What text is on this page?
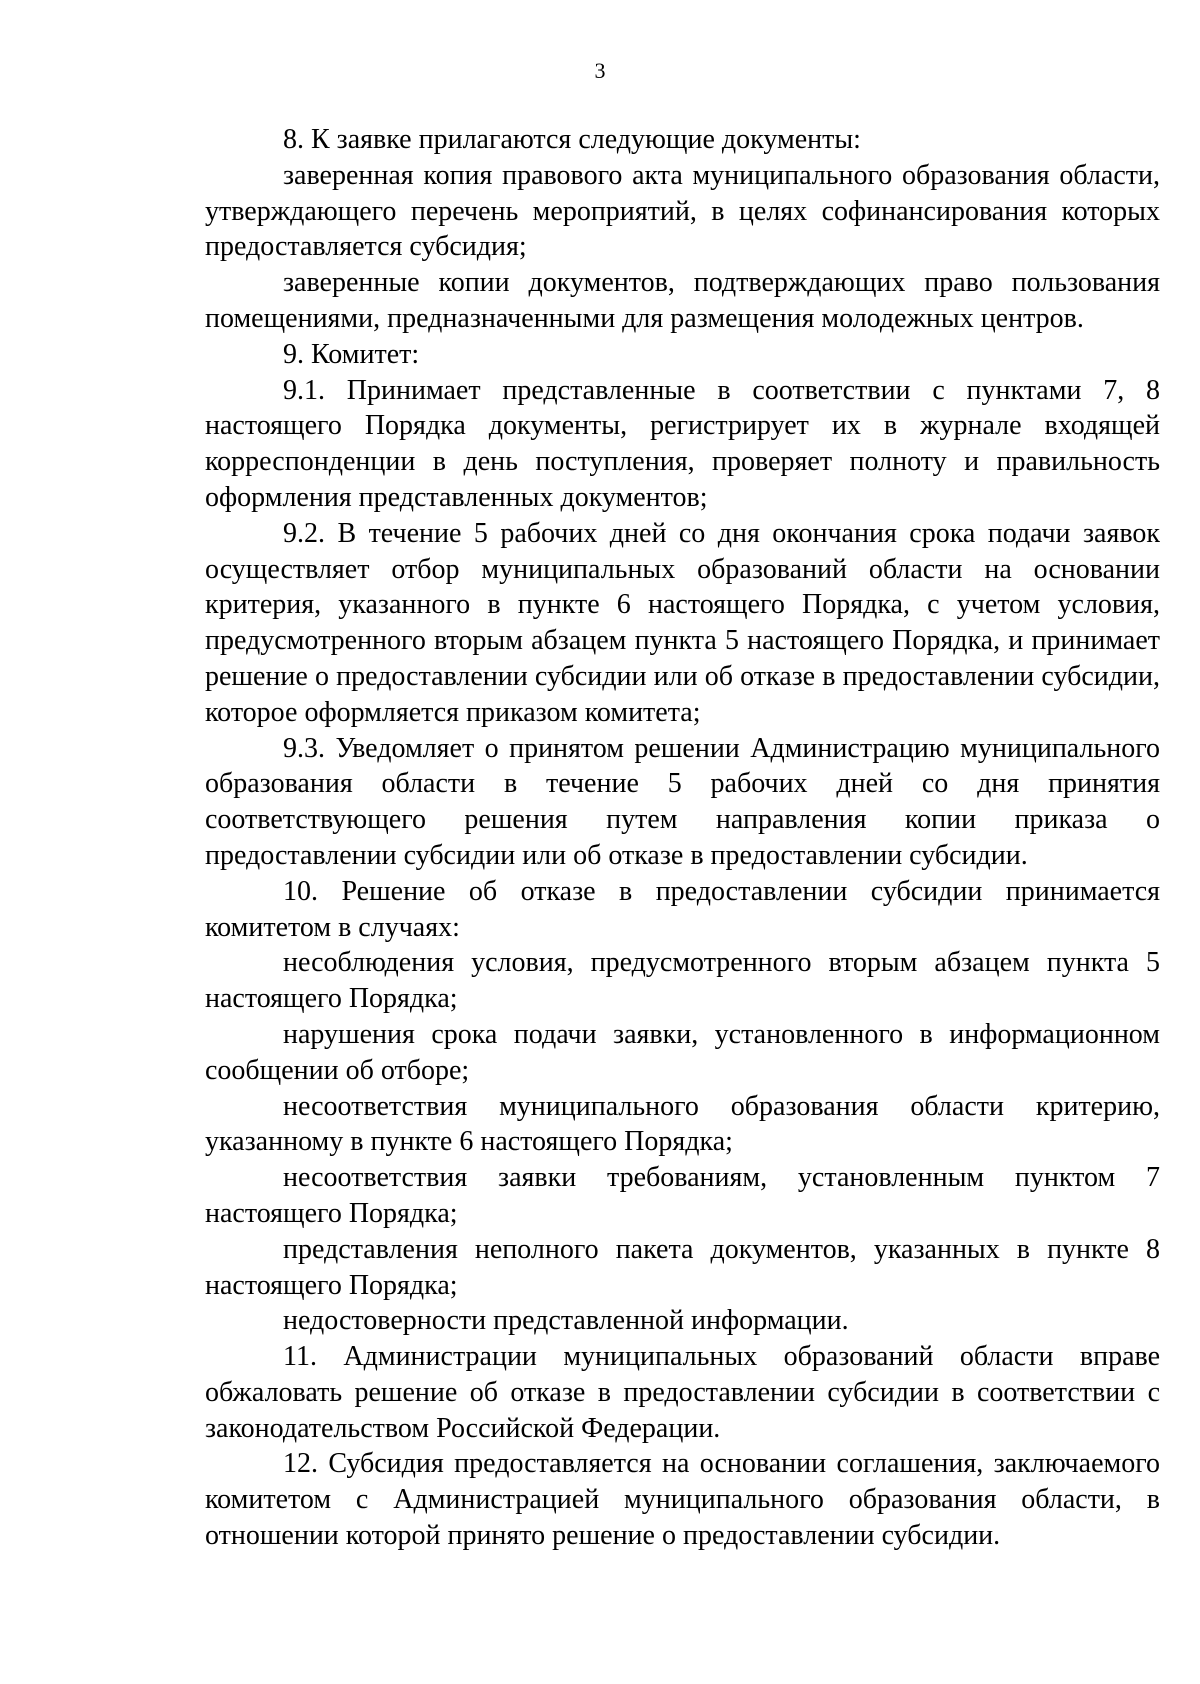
3

8. К заявке прилагаются следующие документы:

заверенная копия правового акта муниципального образования области, утверждающего перечень мероприятий, в целях софинансирования которых предоставляется субсидия;

заверенные копии документов, подтверждающих право пользования помещениями, предназначенными для размещения молодежных центров.

9. Комитет:

9.1. Принимает представленные в соответствии с пунктами 7, 8 настоящего Порядка документы, регистрирует их в журнале входящей корреспонденции в день поступления, проверяет полноту и правильность оформления представленных документов;

9.2. В течение 5 рабочих дней со дня окончания срока подачи заявок осуществляет отбор муниципальных образований области на основании критерия, указанного в пункте 6 настоящего Порядка, с учетом условия, предусмотренного вторым абзацем пункта 5 настоящего Порядка, и принимает решение о предоставлении субсидии или об отказе в предоставлении субсидии, которое оформляется приказом комитета;

9.3. Уведомляет о принятом решении Администрацию муниципального образования области в течение 5 рабочих дней со дня принятия соответствующего решения путем направления копии приказа о предоставлении субсидии или об отказе в предоставлении субсидии.

10. Решение об отказе в предоставлении субсидии принимается комитетом в случаях:

несоблюдения условия, предусмотренного вторым абзацем пункта 5 настоящего Порядка;

нарушения срока подачи заявки, установленного в информационном сообщении об отборе;

несоответствия муниципального образования области критерию, указанному в пункте 6 настоящего Порядка;

несоответствия заявки требованиям, установленным пунктом 7 настоящего Порядка;

представления неполного пакета документов, указанных в пункте 8 настоящего Порядка;

недостоверности представленной информации.

11. Администрации муниципальных образований области вправе обжаловать решение об отказе в предоставлении субсидии в соответствии с законодательством Российской Федерации.

12. Субсидия предоставляется на основании соглашения, заключаемого комитетом с Администрацией муниципального образования области, в отношении которой принято решение о предоставлении субсидии.
